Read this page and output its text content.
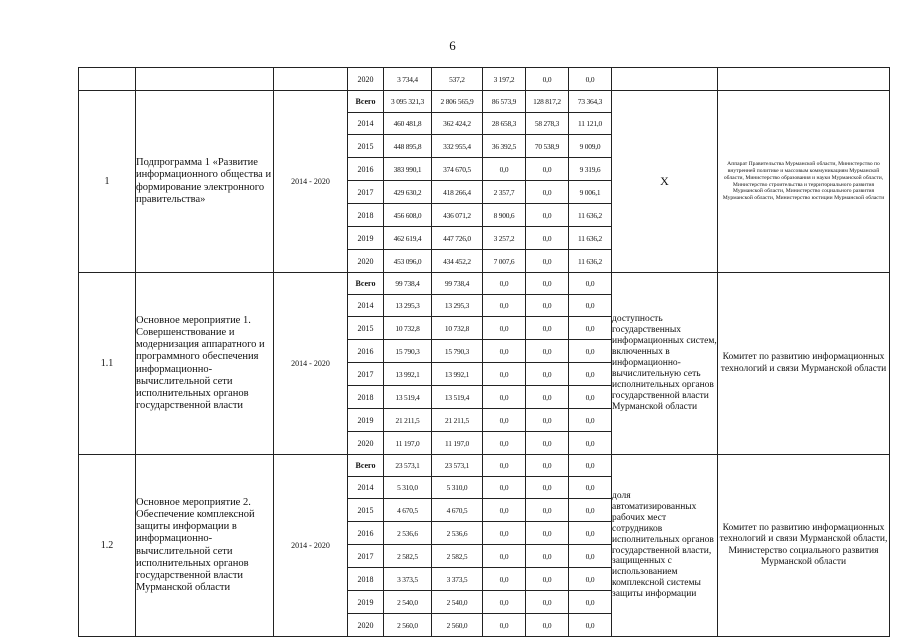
6
			2020	3 734,4	537,2	3 197,2	0,0	0,0		
1	Подпрограмма 1 «Развитие информационного общества и формирование электронного правительства»	2014 - 2020	Всего	3 095 321,3	2 806 565,9	86 573,9	128 817,2	73 364,3	X	Аппарат Правительства Мурманской области, Министерство по внутренней политике и массовым коммуникациям Мурманской области, Министерство образования и науки Мурманской области, Министерство строительства и территориального развития Мурманской области, Министерство социального развития Мурманской области, Министерство юстиции Мурманской области
			2014	460 481,8	362 424,2	28 658,3	58 278,3	11 121,0		
			2015	448 895,8	332 955,4	36 392,5	70 538,9	9 009,0		
			2016	383 990,1	374 670,5	0,0	0,0	9 319,6		
			2017	429 630,2	418 266,4	2 357,7	0,0	9 006,1		
			2018	456 608,0	436 071,2	8 900,6	0,0	11 636,2		
			2019	462 619,4	447 726,0	3 257,2	0,0	11 636,2		
			2020	453 096,0	434 452,2	7 007,6	0,0	11 636,2		
1.1	Основное мероприятие 1. Совершенствование и модернизация аппаратного и программного обеспечения информационно-вычислительной сети исполнительных органов государственной власти	2014 - 2020	Всего	99 738,4	99 738,4	0,0	0,0	0,0	доступность государственных информационных систем, включенных в информационно-вычислительную сеть исполнительных органов государственной власти Мурманской области	Комитет по развитию информационных технологий и связи Мурманской области
			2014	13 295,3	13 295,3	0,0	0,0	0,0		
			2015	10 732,8	10 732,8	0,0	0,0	0,0		
			2016	15 790,3	15 790,3	0,0	0,0	0,0		
			2017	13 992,1	13 992,1	0,0	0,0	0,0		
			2018	13 519,4	13 519,4	0,0	0,0	0,0		
			2019	21 211,5	21 211,5	0,0	0,0	0,0		
			2020	11 197,0	11 197,0	0,0	0,0	0,0		
1.2	Основное мероприятие 2. Обеспечение комплексной защиты информации в информационно-вычислительной сети исполнительных органов государственной власти Мурманской области	2014 - 2020	Всего	23 573,1	23 573,1	0,0	0,0	0,0	доля автоматизированных рабочих мест сотрудников исполнительных органов государственной власти, защищенных с использованием комплексной системы защиты информации	Комитет по развитию информационных технологий и связи Мурманской области, Министерство социального развития Мурманской области
			2014	5 310,0	5 310,0	0,0	0,0	0,0		
			2015	4 670,5	4 670,5	0,0	0,0	0,0		
			2016	2 536,6	2 536,6	0,0	0,0	0,0		
			2017	2 582,5	2 582,5	0,0	0,0	0,0		
			2018	3 373,5	3 373,5	0,0	0,0	0,0		
			2019	2 540,0	2 540,0	0,0	0,0	0,0		
			2020	2 560,0	2 560,0	0,0	0,0	0,0		
